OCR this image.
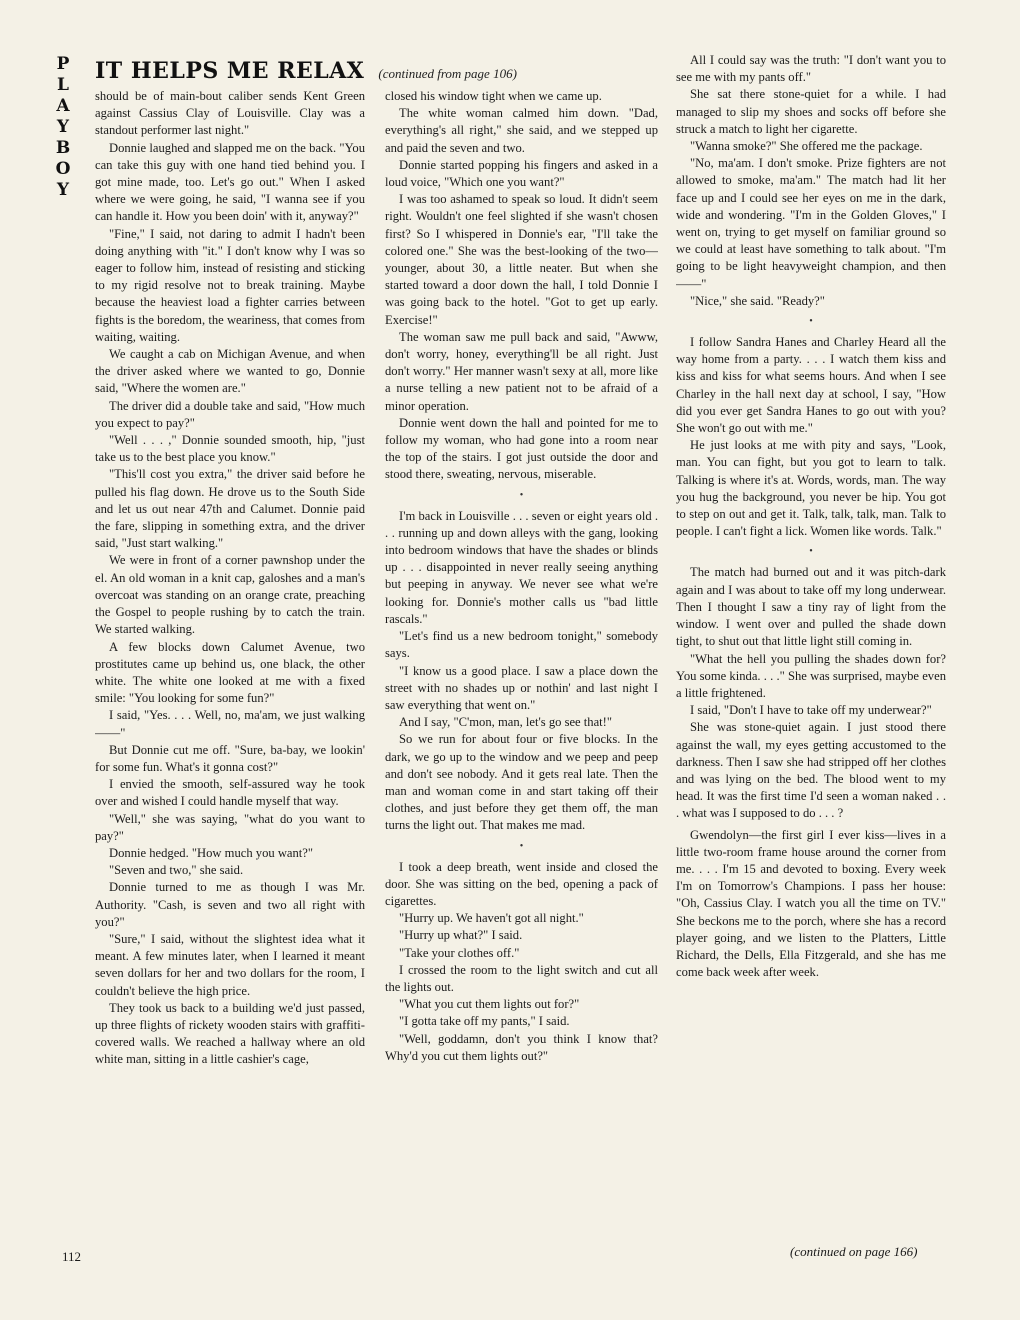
P
L
A
Y
B
O
Y
IT HELPS ME RELAX (continued from page 106)

should be of main-bout caliber sends Kent Green against Cassius Clay of Louisville. Clay was a standout performer last night."

Donnie laughed and slapped me on the back. "You can take this guy with one hand tied behind you. I got mine made, too. Let's go out." When I asked where we were going, he said, "I wanna see if you can handle it. How you been doin' with it, anyway?"

"Fine," I said, not daring to admit I hadn't been doing anything with "it." I don't know why I was so eager to follow him, instead of resisting and sticking to my rigid resolve not to break training. Maybe because the heaviest load a fighter carries between fights is the boredom, the weariness, that comes from waiting, waiting.

We caught a cab on Michigan Avenue, and when the driver asked where we wanted to go, Donnie said, "Where the women are."

The driver did a double take and said, "How much you expect to pay?"

"Well . . . ," Donnie sounded smooth, hip, "just take us to the best place you know."

"This'll cost you extra," the driver said before he pulled his flag down. He drove us to the South Side and let us out near 47th and Calumet. Donnie paid the fare, slipping in something extra, and the driver said, "Just start walking."

We were in front of a corner pawnshop under the el. An old woman in a knit cap, galoshes and a man's overcoat was standing on an orange crate, preaching the Gospel to people rushing by to catch the train. We started walking.

A few blocks down Calumet Avenue, two prostitutes came up behind us, one black, the other white. The white one looked at me with a fixed smile: "You looking for some fun?"

I said, "Yes. . . . Well, no, ma'am, we just walking——"

But Donnie cut me off. "Sure, ba-bay, we lookin' for some fun. What's it gonna cost?"

I envied the smooth, self-assured way he took over and wished I could handle myself that way.

"Well," she was saying, "what do you want to pay?"

Donnie hedged. "How much you want?"

"Seven and two," she said.

Donnie turned to me as though I was Mr. Authority. "Cash, is seven and two all right with you?"

"Sure," I said, without the slightest idea what it meant. A few minutes later, when I learned it meant seven dollars for her and two dollars for the room, I couldn't believe the high price.

They took us back to a building we'd just passed, up three flights of rickety wooden stairs with graffiti-covered walls. We reached a hallway where an old white man, sitting in a little cashier's cage,

closed his window tight when we came up.

The white woman calmed him down. "Dad, everything's all right," she said, and we stepped up and paid the seven and two.

Donnie started popping his fingers and asked in a loud voice, "Which one you want?"

I was too ashamed to speak so loud. It didn't seem right. Wouldn't one feel slighted if she wasn't chosen first? So I whispered in Donnie's ear, "I'll take the colored one." She was the best-looking of the two—younger, about 30, a little neater. But when she started toward a door down the hall, I told Donnie I was going back to the hotel. "Got to get up early. Exercise!"

The woman saw me pull back and said, "Awww, don't worry, honey, everything'll be all right. Just don't worry." Her manner wasn't sexy at all, more like a nurse telling a new patient not to be afraid of a minor operation.

Donnie went down the hall and pointed for me to follow my woman, who had gone into a room near the top of the stairs. I got just outside the door and stood there, sweating, nervous, miserable.

•

I'm back in Louisville . . . seven or eight years old . . . running up and down alleys with the gang, looking into bedroom windows that have the shades or blinds up . . . disappointed in never really seeing anything but peeping in anyway. We never see what we're looking for. Donnie's mother calls us "bad little rascals."

"Let's find us a new bedroom tonight," somebody says.

"I know us a good place. I saw a place down the street with no shades up or nothin' and last night I saw everything that went on."

And I say, "C'mon, man, let's go see that!"

So we run for about four or five blocks. In the dark, we go up to the window and we peep and peep and don't see nobody. And it gets real late. Then the man and woman come in and start taking off their clothes, and just before they get them off, the man turns the light out. That makes me mad.

•

I took a deep breath, went inside and closed the door. She was sitting on the bed, opening a pack of cigarettes.

"Hurry up. We haven't got all night."

"Hurry up what?" I said.

"Take your clothes off."

I crossed the room to the light switch and cut all the lights out.

"What you cut them lights out for?"

"I gotta take off my pants," I said.

"Well, goddamn, don't you think I know that? Why'd you cut them lights out?"

All I could say was the truth: "I don't want you to see me with my pants off."

She sat there stone-quiet for a while. I had managed to slip my shoes and socks off before she struck a match to light her cigarette.

"Wanna smoke?" She offered me the package.

"No, ma'am. I don't smoke. Prize fighters are not allowed to smoke, ma'am." The match had lit her face up and I could see her eyes on me in the dark, wide and wondering. "I'm in the Golden Gloves," I went on, trying to get myself on familiar ground so we could at least have something to talk about. "I'm going to be light heavyweight champion, and then——"

"Nice," she said. "Ready?"

•

I follow Sandra Hanes and Charley Heard all the way home from a party. . . . I watch them kiss and kiss and kiss for what seems hours. And when I see Charley in the hall next day at school, I say, "How did you ever get Sandra Hanes to go out with you? She won't go out with me."

He just looks at me with pity and says, "Look, man. You can fight, but you got to learn to talk. Talking is where it's at. Words, words, man. The way you hug the background, you never be hip. You got to step on out and get it. Talk, talk, talk, man. Talk to people. I can't fight a lick. Women like words. Talk."

•

The match had burned out and it was pitch-dark again and I was about to take off my long underwear. Then I thought I saw a tiny ray of light from the window. I went over and pulled the shade down tight, to shut out that little light still coming in.

"What the hell you pulling the shades down for? You some kinda. . . ." She was surprised, maybe even a little frightened.

I said, "Don't I have to take off my underwear?"

She was stone-quiet again. I just stood there against the wall, my eyes getting accustomed to the darkness. Then I saw she had stripped off her clothes and was lying on the bed. The blood went to my head. It was the first time I'd seen a woman naked . . . what was I supposed to do . . . ?

Gwendolyn—the first girl I ever kiss—lives in a little two-room frame house around the corner from me. . . . I'm 15 and devoted to boxing. Every week I'm on Tomorrow's Champions. I pass her house: "Oh, Cassius Clay. I watch you all the time on TV." She beckons me to the porch, where she has a record player going, and we listen to the Platters, Little Richard, the Dells, Ella Fitzgerald, and she has me come back week after week.

112	(continued on page 166)
